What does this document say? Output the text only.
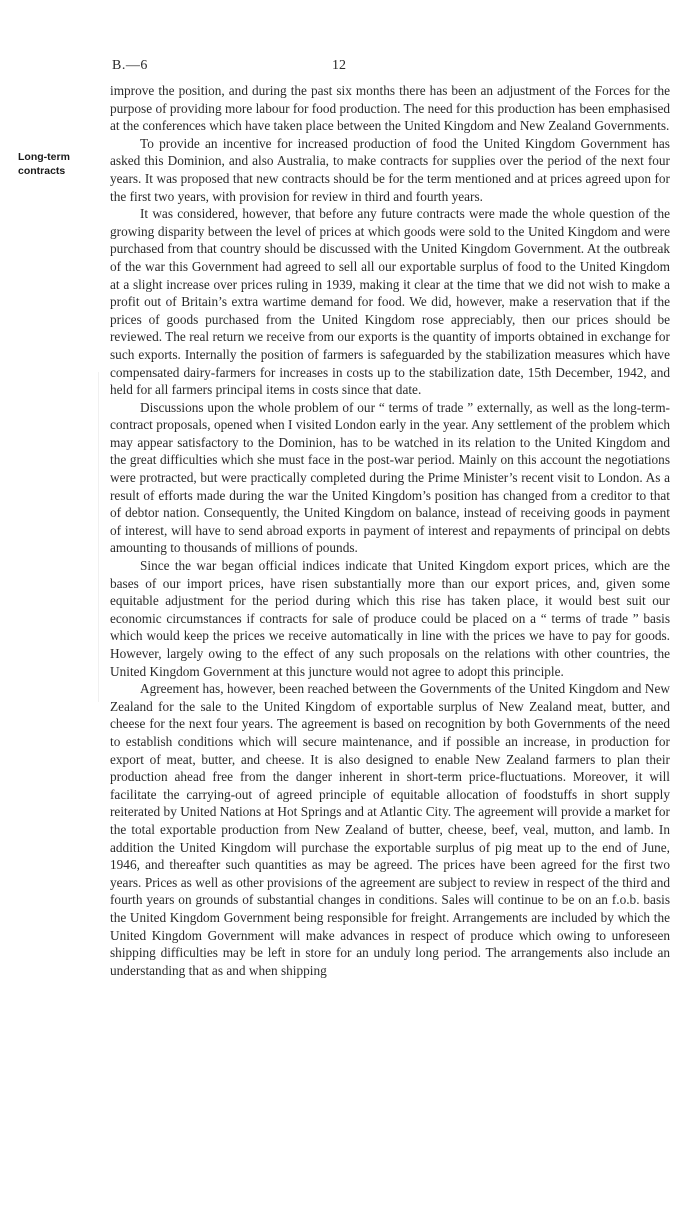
B.—6	12
Long-term
contracts

improve the position, and during the past six months there has been an adjustment of the Forces for the purpose of providing more labour for food production. The need for this production has been emphasised at the conferences which have taken place between the United Kingdom and New Zealand Governments.

To provide an incentive for increased production of food the United Kingdom Government has asked this Dominion, and also Australia, to make contracts for supplies over the period of the next four years. It was proposed that new contracts should be for the term mentioned and at prices agreed upon for the first two years, with provision for review in third and fourth years.

It was considered, however, that before any future contracts were made the whole question of the growing disparity between the level of prices at which goods were sold to the United Kingdom and were purchased from that country should be discussed with the United Kingdom Government. At the outbreak of the war this Government had agreed to sell all our exportable surplus of food to the United Kingdom at a slight increase over prices ruling in 1939, making it clear at the time that we did not wish to make a profit out of Britain’s extra wartime demand for food. We did, however, make a reservation that if the prices of goods purchased from the United Kingdom rose appreciably, then our prices should be reviewed. The real return we receive from our exports is the quantity of imports obtained in exchange for such exports. Internally the position of farmers is safeguarded by the stabilization measures which have compensated dairy-farmers for increases in costs up to the stabilization date, 15th December, 1942, and held for all farmers principal items in costs since that date.

Discussions upon the whole problem of our “ terms of trade ” externally, as well as the long-term-contract proposals, opened when I visited London early in the year. Any settlement of the problem which may appear satisfactory to the Dominion, has to be watched in its relation to the United Kingdom and the great difficulties which she must face in the post-war period. Mainly on this account the negotiations were protracted, but were practically completed during the Prime Minister’s recent visit to London. As a result of efforts made during the war the United Kingdom’s position has changed from a creditor to that of debtor nation. Consequently, the United Kingdom on balance, instead of receiving goods in payment of interest, will have to send abroad exports in payment of interest and repayments of principal on debts amounting to thousands of millions of pounds.

Since the war began official indices indicate that United Kingdom export prices, which are the bases of our import prices, have risen substantially more than our export prices, and, given some equitable adjustment for the period during which this rise has taken place, it would best suit our economic circumstances if contracts for sale of produce could be placed on a “ terms of trade ” basis which would keep the prices we receive automatically in line with the prices we have to pay for goods. However, largely owing to the effect of any such proposals on the relations with other countries, the United Kingdom Government at this juncture would not agree to adopt this principle.

Agreement has, however, been reached between the Governments of the United Kingdom and New Zealand for the sale to the United Kingdom of exportable surplus of New Zealand meat, butter, and cheese for the next four years. The agreement is based on recognition by both Governments of the need to establish conditions which will secure maintenance, and if possible an increase, in production for export of meat, butter, and cheese. It is also designed to enable New Zealand farmers to plan their production ahead free from the danger inherent in short-term price-fluctuations. Moreover, it will facilitate the carrying-out of agreed principle of equitable allocation of foodstuffs in short supply reiterated by United Nations at Hot Springs and at Atlantic City. The agreement will provide a market for the total exportable production from New Zealand of butter, cheese, beef, veal, mutton, and lamb. In addition the United Kingdom will purchase the exportable surplus of pig meat up to the end of June, 1946, and thereafter such quantities as may be agreed. The prices have been agreed for the first two years. Prices as well as other provisions of the agreement are subject to review in respect of the third and fourth years on grounds of substantial changes in conditions. Sales will continue to be on an f.o.b. basis the United Kingdom Government being responsible for freight. Arrangements are included by which the United Kingdom Government will make advances in respect of produce which owing to unforeseen shipping difficulties may be left in store for an unduly long period. The arrangements also include an understanding that as and when shipping
